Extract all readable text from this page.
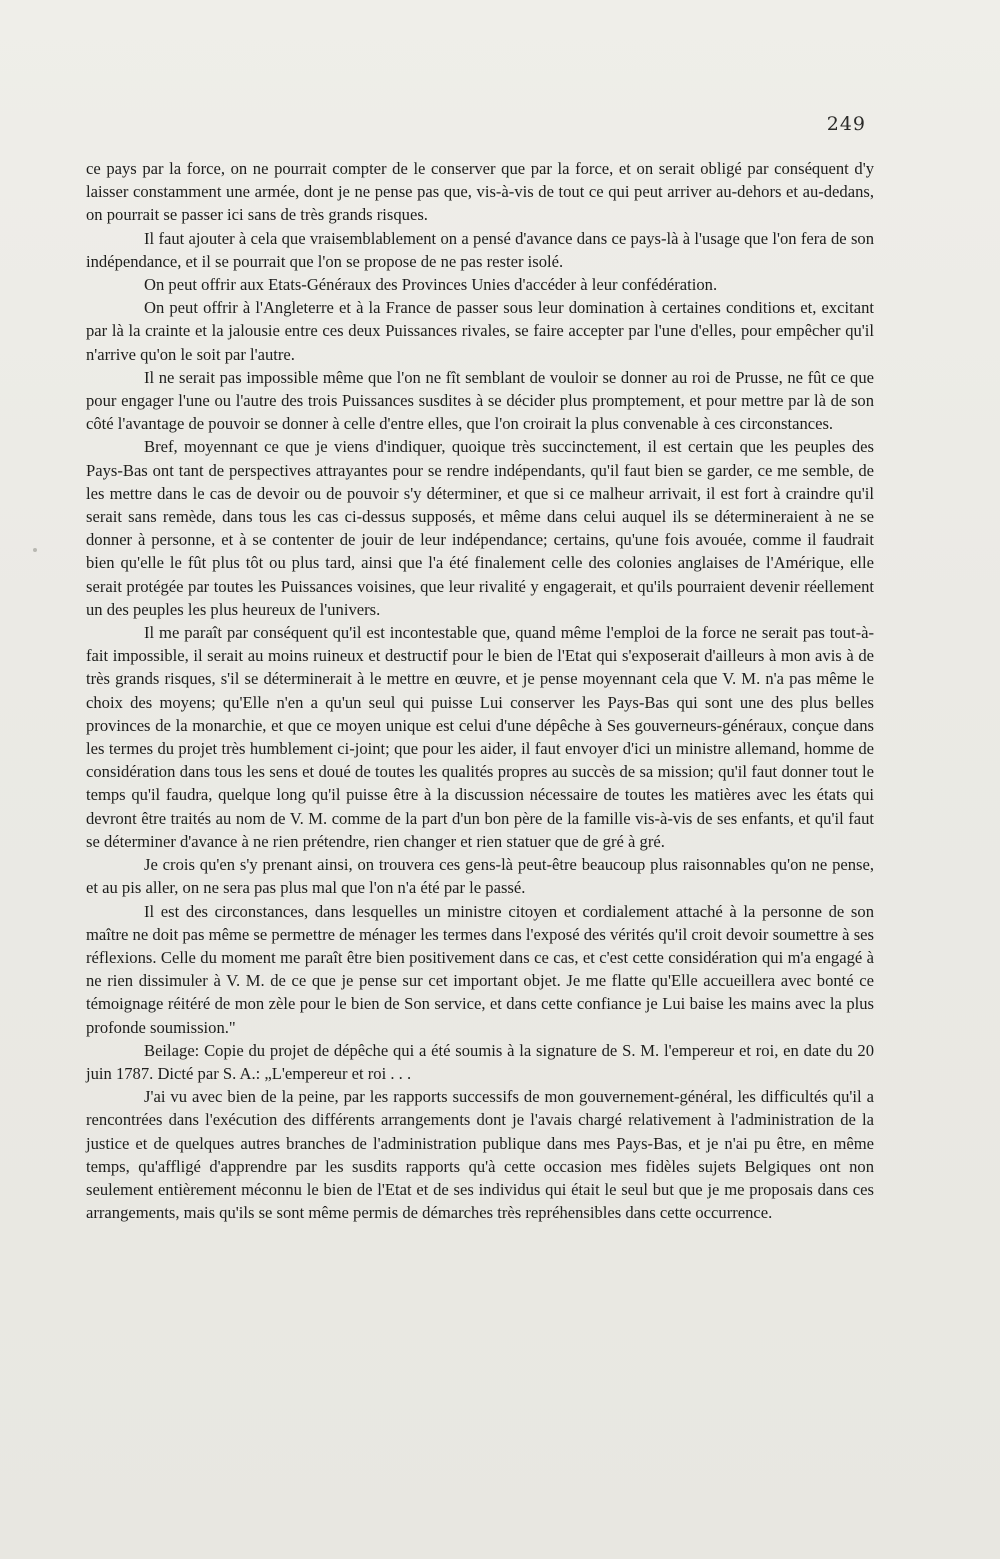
249

ce pays par la force, on ne pourrait compter de le conserver que par la force, et on serait obligé par conséquent d'y laisser constamment une armée, dont je ne pense pas que, vis-à-vis de tout ce qui peut arriver au-dehors et au-dedans, on pourrait se passer ici sans de très grands risques.

Il faut ajouter à cela que vraisemblablement on a pensé d'avance dans ce pays-là à l'usage que l'on fera de son indépendance, et il se pourrait que l'on se propose de ne pas rester isolé.

On peut offrir aux Etats-Généraux des Provinces Unies d'accéder à leur confédération.

On peut offrir à l'Angleterre et à la France de passer sous leur domination à certaines conditions et, excitant par là la crainte et la jalousie entre ces deux Puissances rivales, se faire accepter par l'une d'elles, pour empêcher qu'il n'arrive qu'on le soit par l'autre.

Il ne serait pas impossible même que l'on ne fît semblant de vouloir se donner au roi de Prusse, ne fût ce que pour engager l'une ou l'autre des trois Puissances susdites à se décider plus promptement, et pour mettre par là de son côté l'avantage de pouvoir se donner à celle d'entre elles, que l'on croirait la plus convenable à ces circonstances.

Bref, moyennant ce que je viens d'indiquer, quoique très succinctement, il est certain que les peuples des Pays-Bas ont tant de perspectives attrayantes pour se rendre indépendants, qu'il faut bien se garder, ce me semble, de les mettre dans le cas de devoir ou de pouvoir s'y déterminer, et que si ce malheur arrivait, il est fort à craindre qu'il serait sans remède, dans tous les cas ci-dessus supposés, et même dans celui auquel ils se détermineraient à ne se donner à personne, et à se contenter de jouir de leur indépendance; certains, qu'une fois avouée, comme il faudrait bien qu'elle le fût plus tôt ou plus tard, ainsi que l'a été finalement celle des colonies anglaises de l'Amérique, elle serait protégée par toutes les Puissances voisines, que leur rivalité y engagerait, et qu'ils pourraient devenir réellement un des peuples les plus heureux de l'univers.

Il me paraît par conséquent qu'il est incontestable que, quand même l'emploi de la force ne serait pas tout-à-fait impossible, il serait au moins ruineux et destructif pour le bien de l'Etat qui s'exposerait d'ailleurs à mon avis à de très grands risques, s'il se déterminerait à le mettre en œuvre, et je pense moyennant cela que V. M. n'a pas même le choix des moyens; qu'Elle n'en a qu'un seul qui puisse Lui conserver les Pays-Bas qui sont une des plus belles provinces de la monarchie, et que ce moyen unique est celui d'une dépêche à Ses gouverneurs-généraux, conçue dans les termes du projet très humblement ci-joint; que pour les aider, il faut envoyer d'ici un ministre allemand, homme de considération dans tous les sens et doué de toutes les qualités propres au succès de sa mission; qu'il faut donner tout le temps qu'il faudra, quelque long qu'il puisse être à la discussion nécessaire de toutes les matières avec les états qui devront être traités au nom de V. M. comme de la part d'un bon père de la famille vis-à-vis de ses enfants, et qu'il faut se déterminer d'avance à ne rien prétendre, rien changer et rien statuer que de gré à gré.

Je crois qu'en s'y prenant ainsi, on trouvera ces gens-là peut-être beaucoup plus raisonnables qu'on ne pense, et au pis aller, on ne sera pas plus mal que l'on n'a été par le passé.

Il est des circonstances, dans lesquelles un ministre citoyen et cordialement attaché à la personne de son maître ne doit pas même se permettre de ménager les termes dans l'exposé des vérités qu'il croit devoir soumettre à ses réflexions. Celle du moment me paraît être bien positivement dans ce cas, et c'est cette considération qui m'a engagé à ne rien dissimuler à V. M. de ce que je pense sur cet important objet. Je me flatte qu'Elle accueillera avec bonté ce témoignage réitéré de mon zèle pour le bien de Son service, et dans cette confiance je Lui baise les mains avec la plus profonde soumission."

Beilage: Copie du projet de dépêche qui a été soumis à la signature de S. M. l'empereur et roi, en date du 20 juin 1787. Dicté par S. A.: „L'empereur et roi . . .

J'ai vu avec bien de la peine, par les rapports successifs de mon gouvernement-général, les difficultés qu'il a rencontrées dans l'exécution des différents arrangements dont je l'avais chargé relativement à l'administration de la justice et de quelques autres branches de l'administration publique dans mes Pays-Bas, et je n'ai pu être, en même temps, qu'affligé d'apprendre par les susdits rapports qu'à cette occasion mes fidèles sujets Belgiques ont non seulement entièrement méconnu le bien de l'Etat et de ses individus qui était le seul but que je me proposais dans ces arrangements, mais qu'ils se sont même permis de démarches très repréhensibles dans cette occurrence.
